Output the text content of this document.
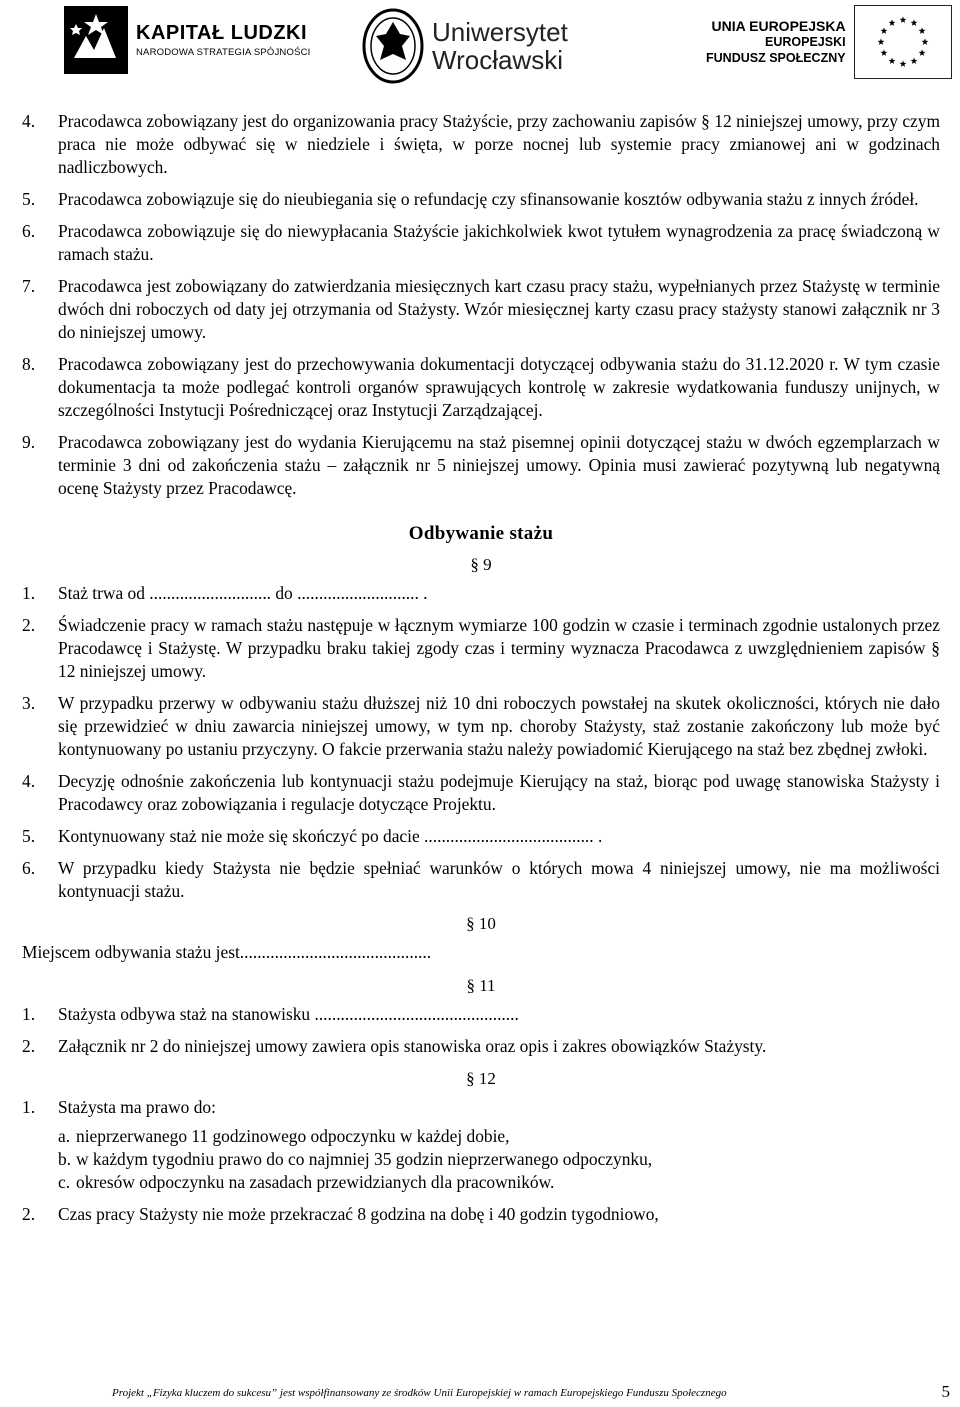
KAPITAŁ LUDZKI
NARODOWA STRATEGIA SPÓJNOŚCI
Uniwersytet
Wrocławski
UNIA EUROPEJSKA
EUROPEJSKI
FUNDUSZ SPOŁECZNY
4. Pracodawca zobowiązany jest do organizowania pracy Stażyście, przy zachowaniu zapisów § 12 niniejszej umowy, przy czym praca nie może odbywać się w niedziele i święta, w porze nocnej lub systemie pracy zmianowej ani w godzinach nadliczbowych.
5. Pracodawca zobowiązuje się do nieubiegania się o refundację czy sfinansowanie kosztów odbywania stażu z innych źródeł.
6. Pracodawca zobowiązuje się do niewypłacania Stażyście jakichkolwiek kwot tytułem wynagrodzenia za pracę świadczoną w ramach stażu.
7. Pracodawca jest zobowiązany do zatwierdzania miesięcznych kart czasu pracy stażu, wypełnianych przez Stażystę w terminie dwóch dni roboczych od daty jej otrzymania od Stażysty. Wzór miesięcznej karty czasu pracy stażysty stanowi załącznik nr 3 do niniejszej umowy.
8. Pracodawca zobowiązany jest do przechowywania dokumentacji dotyczącej odbywania stażu do 31.12.2020 r. W tym czasie dokumentacja ta może podlegać kontroli organów sprawujących kontrolę w zakresie wydatkowania funduszy unijnych, w szczególności Instytucji Pośredniczącej oraz Instytucji Zarządzającej.
9. Pracodawca zobowiązany jest do wydania Kierującemu na staż pisemnej opinii dotyczącej stażu w dwóch egzemplarzach w terminie 3 dni od zakończenia stażu – załącznik nr 5 niniejszej umowy. Opinia musi zawierać pozytywną lub negatywną ocenę Stażysty przez Pracodawcę.
Odbywanie stażu
§ 9
1. Staż trwa od ............................ do ............................ .
2. Świadczenie pracy w ramach stażu następuje w łącznym wymiarze 100 godzin w czasie i terminach zgodnie ustalonych przez Pracodawcę i Stażystę. W przypadku braku takiej zgody czas i terminy wyznacza Pracodawca z uwzględnieniem zapisów § 12 niniejszej umowy.
3. W przypadku przerwy w odbywaniu stażu dłuższej niż 10 dni roboczych powstałej na skutek okoliczności, których nie dało się przewidzieć w dniu zawarcia niniejszej umowy, w tym np. choroby Stażysty, staż zostanie zakończony lub może być kontynuowany po ustaniu przyczyny. O fakcie przerwania stażu należy powiadomić Kierującego na staż bez zbędnej zwłoki.
4. Decyzję odnośnie zakończenia lub kontynuacji stażu podejmuje Kierujący na staż, biorąc pod uwagę stanowiska Stażysty i Pracodawcy oraz zobowiązania i regulacje dotyczące Projektu.
5. Kontynuowany staż nie może się skończyć po dacie ....................................... .
6. W przypadku kiedy Stażysta nie będzie spełniać warunków o których mowa 4 niniejszej umowy, nie ma możliwości kontynuacji stażu.
§ 10
Miejscem odbywania stażu jest............................................
§ 11
1. Stażysta odbywa staż na stanowisku ...............................................
2. Załącznik nr 2 do niniejszej umowy zawiera opis stanowiska oraz opis i zakres obowiązków Stażysty.
§ 12
1. Stażysta ma prawo do:
a. nieprzerwanego 11 godzinowego odpoczynku w każdej dobie,
b. w każdym tygodniu prawo do co najmniej 35 godzin nieprzerwanego odpoczynku,
c. okresów odpoczynku na zasadach przewidzianych dla pracowników.
2. Czas pracy Stażysty nie może przekraczać 8 godzina na dobę i 40 godzin tygodniowo,
Projekt „Fizyka kluczem do sukcesu” jest współfinansowany ze środków Unii Europejskiej w ramach Europejskiego Funduszu Społecznego	5
